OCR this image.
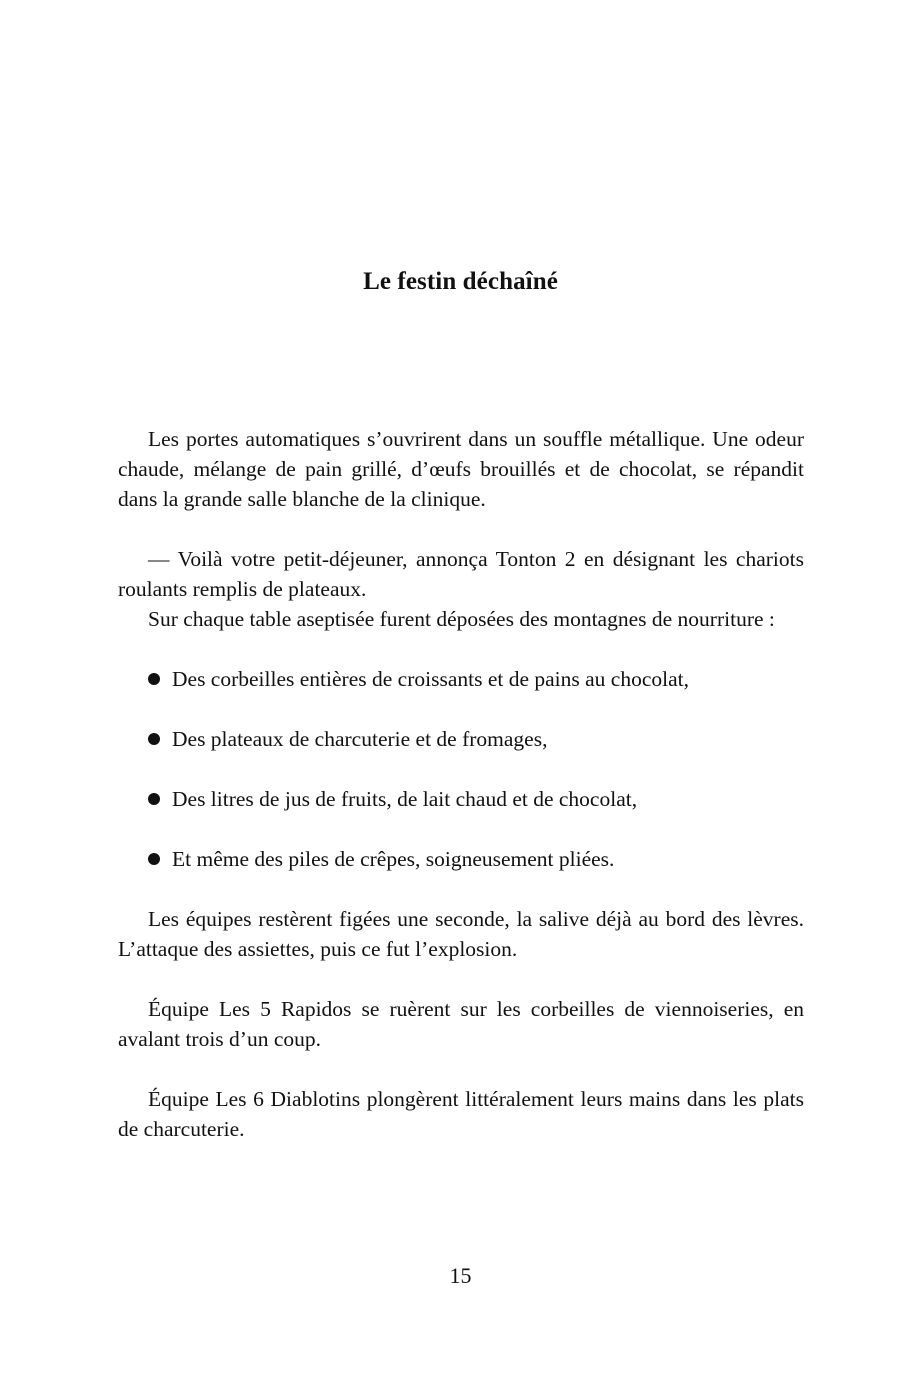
Le festin déchaîné

Les portes automatiques s’ouvrirent dans un souffle métallique. Une odeur chaude, mélange de pain grillé, d’œufs brouillés et de chocolat, se répandit dans la grande salle blanche de la clinique.

— Voilà votre petit-déjeuner, annonça Tonton 2 en désignant les chariots roulants remplis de plateaux.

Sur chaque table aseptisée furent déposées des montagnes de nourriture :

Des corbeilles entières de croissants et de pains au chocolat,
Des plateaux de charcuterie et de fromages,
Des litres de jus de fruits, de lait chaud et de chocolat,
Et même des piles de crêpes, soigneusement pliées.

Les équipes restèrent figées une seconde, la salive déjà au bord des lèvres. L’attaque des assiettes, puis ce fut l’explosion.

Équipe Les 5 Rapidos se ruèrent sur les corbeilles de viennoiseries, en avalant trois d’un coup.

Équipe Les 6 Diablotins plongèrent littéralement leurs mains dans les plats de charcuterie.

15
